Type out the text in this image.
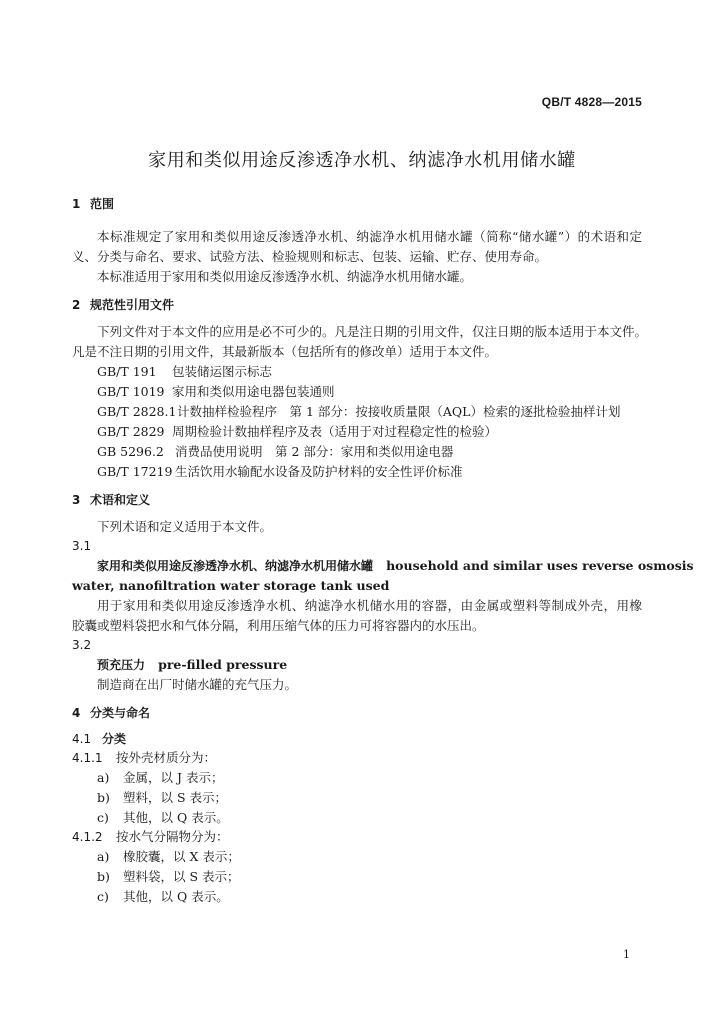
QB/T 4828—2015
家用和类似用途反渗透净水机、纳滤净水机用储水罐
1 范围
本标准规定了家用和类似用途反渗透净水机、纳滤净水机用储水罐（简称“储水罐”）的术语和定
义、分类与命名、要求、试验方法、检验规则和标志、包装、运输、贮存、使用寿命。
本标准适用于家用和类似用途反渗透净水机、纳滤净水机用储水罐。
2 规范性引用文件
下列文件对于本文件的应用是必不可少的。凡是注日期的引用文件，仅注日期的版本适用于本文件。
凡是不注日期的引用文件，其最新版本（包括所有的修改单）适用于本文件。
GB/T 191 包装储运图示标志
GB/T 1019 家用和类似用途电器包装通则
GB/T 2828.1计数抽样检验程序　第 1 部分：按接收质量限（AQL）检索的逐批检验抽样计划
GB/T 2829 周期检验计数抽样程序及表（适用于对过程稳定性的检验）
GB 5296.2 消费品使用说明　第 2 部分：家用和类似用途电器
GB/T 17219 生活饮用水输配水设备及防护材料的安全性评价标准
3 术语和定义
下列术语和定义适用于本文件。
3.1
家用和类似用途反渗透净水机、纳滤净水机用储水罐 household and similar uses reverse osmosis
water, nanofiltration water storage tank used
用于家用和类似用途反渗透净水机、纳滤净水机储水用的容器，由金属或塑料等制成外壳，用橡
胶囊或塑料袋把水和气体分隔，利用压缩气体的压力可将容器内的水压出。
3.2
预充压力 pre-filled pressure
制造商在出厂时储水罐的充气压力。
4 分类与命名
4.1 分类
4.1.1 按外壳材质分为：
a) 金属，以 J 表示；
b) 塑料，以 S 表示；
c) 其他，以 Q 表示。
4.1.2 按水气分隔物分为：
a) 橡胶囊，以 X 表示；
b) 塑料袋，以 S 表示；
c) 其他，以 Q 表示。
1
